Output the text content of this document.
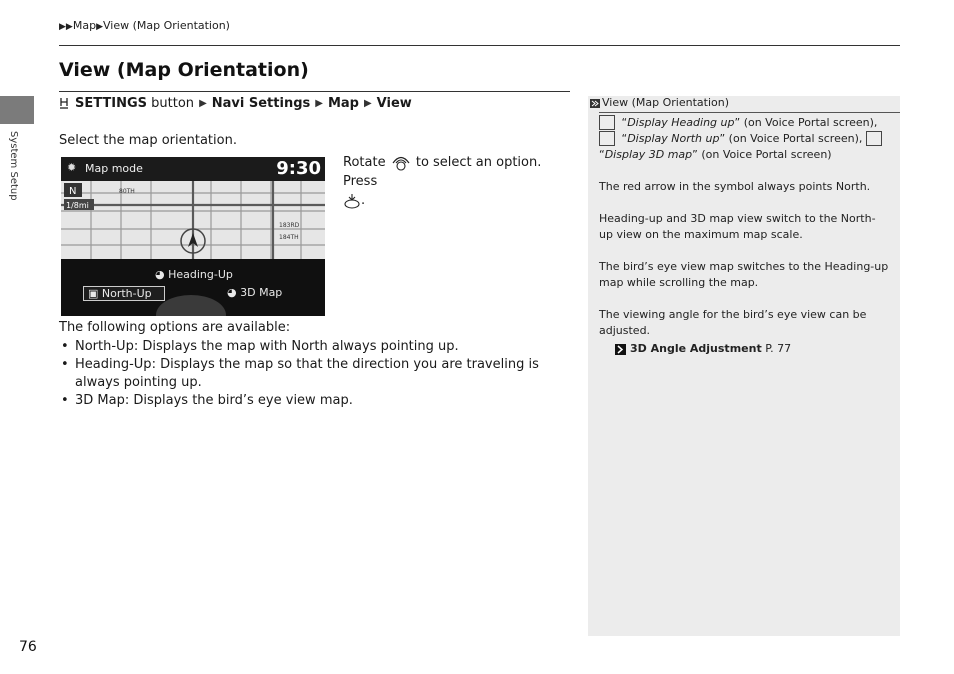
▶▶Map▶View (Map Orientation)
System Setup
View (Map Orientation)
SETTINGS
button ▶ Navi Settings ▶ Map ▶ View
Select the map orientation.
✹ Map mode	9:30
N
1/8mi
80TH
183RD
184TH
◕ Heading-Up
▣ North-Up	◕ 3D Map
Rotate to select an option. Press
.
The following options are available:
• North-Up: Displays the map with North always pointing up.
• Heading-Up: Displays the map so that the direction you are traveling is always pointing up.
• 3D Map: Displays the bird’s eye view map.
View (Map Orientation)

“Display Heading up” (on Voice Portal screen),
“Display North up” (on Voice Portal screen),
“Display 3D map” (on Voice Portal screen)

The red arrow in the symbol always points North.

Heading-up and 3D map view switch to the North-up view on the maximum map scale.

The bird’s eye view map switches to the Heading-up map while scrolling the map.

The viewing angle for the bird’s eye view can be adjusted.

3D Angle Adjustment P. 77
76
